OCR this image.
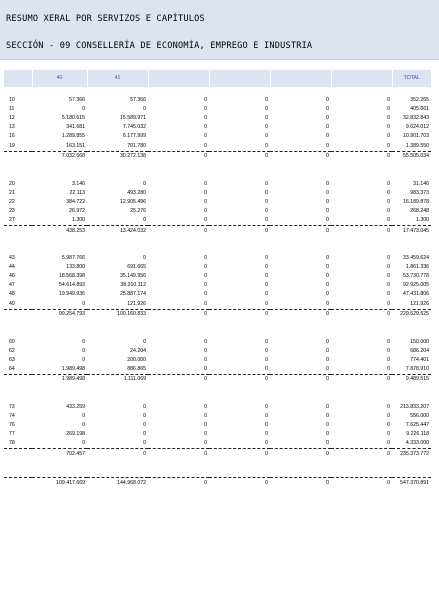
RESUMO XERAL POR SERVIZOS E CAPÍTULOS
SECCIÓN - 09 CONSELLERÍA DE ECONOMÍA, EMPREGO E INDUSTRIA
	40	41					TOTAL

10	57.366	57.366	0	0	0	0	352.265
11	0	0	0	0	0	0	405.661
12	5.180.615	15.589.971	0	0	0	0	32.832.843
13	341.681	7.745.032	0	0	0	0	9.624.012
16	1.289.855	6.177.999	0	0	0	0	10.901.703
19	163.151	701.780	0	0	0	0	1.389.550
	7.032.668	30.272.138	0	0	0	0	55.505.034

20	3.146	0	0	0	0	0	31.146
21	22.113	493.280	0	0	0	0	983.373
22	384.722	12.905.496	0	0	0	0	16.189.878
23	26.972	25.276	0	0	0	0	268.248
27	1.300	0	0	0	0	0	1.300
	438.253	13.424.032	0	0	0	0	17.473.045

43	5.987.766	0	0	0	0	0	33.459.624
44	133.800	691.665	0	0	0	0	1.861.336
46	18.568.398	35.149.956	0	0	0	0	53.730.778
47	54.614.893	38.310.112	0	0	0	0	92.925.005
48	19.949.936	25.887.174	0	0	0	0	47.431.806
49	0	121.926	0	0	0	0	121.926
	99.254.793	100.160.833	0	0	0	0	229.529.525

60	0	0	0	0	0	0	150.000
62	0	24.204	0	0	0	0	686.204
63	0	200.000	0	0	0	0	774.401
64	1.989.498	886.865	0	0	0	0	7.878.910
	1.989.498	1.111.069	0	0	0	0	9.489.515

73	433.259	0	0	0	0	0	213.833.207
74	0	0	0	0	0	0	556.000
76	0	0	0	0	0	0	7.625.447
77	269.198	0	0	0	0	0	9.226.118
78	0	0	0	0	0	0	4.333.000
	702.457	0	0	0	0	0	235.373.772

	109.417.669	144.968.072	0	0	0	0	547.370.891
